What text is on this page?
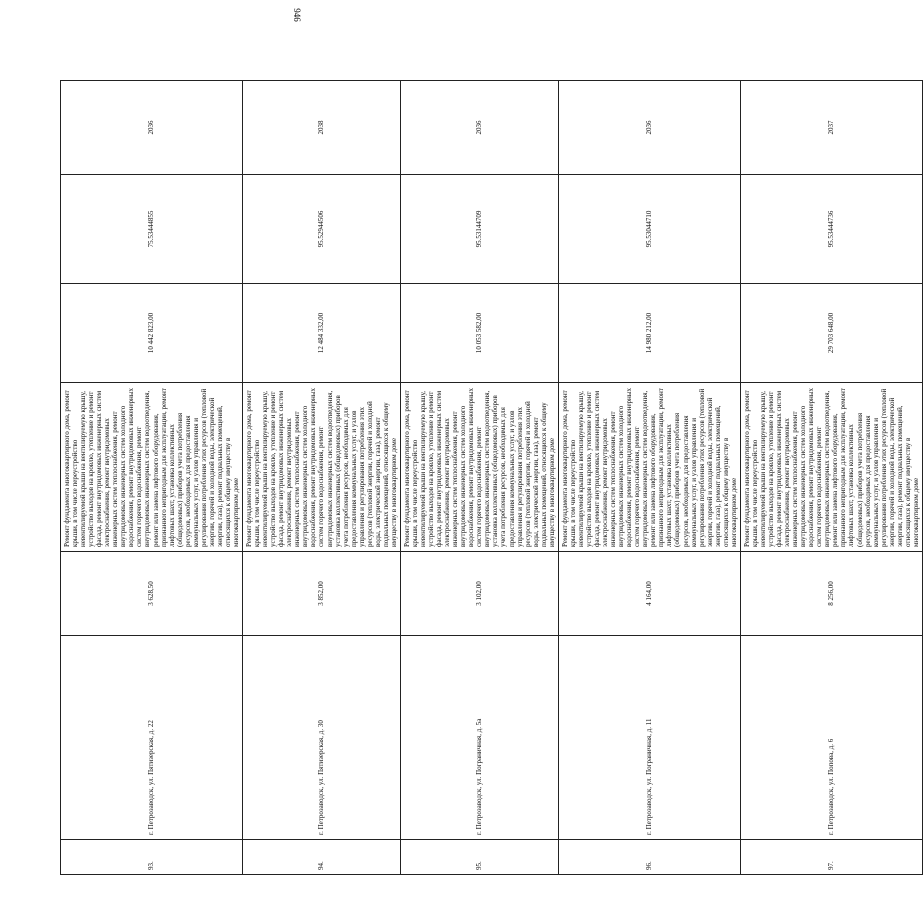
946
93.	г. Петрозаводск, ул. Пятизерская, д. 22	3 628,50	Ремонт фундамента многоквартирного дома, ремонт крыши, в том числе переустройство невентилируемой крыши на вентилируемую крышу, устройство выходов на кровлю, утепление и ремонт фасада, ремонт внутридомовых инженерных систем электроснабжения, ремонт внутридомовых инженерных систем теплоснабжения, ремонт внутридомовых инженерных систем холодного водоснабжения, ремонт внутридомовых инженерных систем горячего водоснабжения, ремонт внутридомовых инженерных систем водоотведения, ремонт или замена лифтового оборудования, признанного непригодным для эксплуатации, ремонт лифтовых шахт, установка коллективных (общедомовых) приборов учета потребления ресурсов, необходимых для предоставления коммунальных услуг, и узлов управления и регулирования потребления этих ресурсов (тепловой энергии, горячей и холодной воды, электрической энергии, газа), ремонт подвальных помещений, относящихся к общему имуществу в многоквартирном доме	10 442 823,00	75.53444855	2036
94.	г. Петрозаводск, ул. Пятизерская, д. 30	3 852,00	Ремонт фундамента многоквартирного дома, ремонт крыши, в том числе переустройство невентилируемой крыши на вентилируемую крышу, устройство выходов на кровлю, утепление и ремонт фасада, ремонт внутридомовых инженерных систем электроснабжения, ремонт внутридомовых инженерных систем теплоснабжения, ремонт внутридомовых инженерных систем холодного водоснабжения, ремонт внутридомовых инженерных систем горячего водоснабжения, ремонт внутридомовых инженерных систем водоотведения, установка коллективных (общедомовых) приборов учета потребления ресурсов, необходимых для предоставления коммунальных услуг, и узлов управления и регулирования потребления этих ресурсов (тепловой энергии, горячей и холодной воды, электрической энергии, газа), ремонт подвальных помещений, относящихся к общему имуществу в многоквартирном доме	12 484 332,00	95.52944506	2038
95.	г. Петрозаводск, ул. Пограничная, д. 5а	3 102,00	Ремонт фундамента многоквартирного дома, ремонт крыши, в том числе переустройство невентилируемой крыши на вентилируемую крышу, устройство выходов на кровлю, утепление и ремонт фасада, ремонт внутридомовых инженерных систем электроснабжения, ремонт внутридомовых инженерных систем теплоснабжения, ремонт внутридомовых инженерных систем холодного водоснабжения, ремонт внутридомовых инженерных систем горячего водоснабжения, ремонт внутридомовых инженерных систем водоотведения, установка коллективных (общедомовых) приборов учета потребления ресурсов, необходимых для предоставления коммунальных услуг, и узлов управления и регулирования потребления этих ресурсов (тепловой энергии, горячей и холодной воды, электрической энергии, газа), ремонт подвальных помещений, относящихся к общему имуществу в многоквартирном доме	10 053 582,00	95.53144709	2036
96.	г. Петрозаводск, ул. Пограничная, д. 11	4 164,00	Ремонт фундамента многоквартирного дома, ремонт крыши, в том числе переустройство невентилируемой крыши на вентилируемую крышу, устройство выходов на кровлю, утепление и ремонт фасада, ремонт внутридомовых инженерных систем электроснабжения, ремонт внутридомовых инженерных систем теплоснабжения, ремонт внутридомовых инженерных систем холодного водоснабжения, ремонт внутридомовых инженерных систем горячего водоснабжения, ремонт внутридомовых инженерных систем водоотведения, ремонт или замена лифтового оборудования, признанного непригодным для эксплуатации, ремонт лифтовых шахт, установка коллективных (общедомовых) приборов учета потребления ресурсов, необходимых для предоставления коммунальных услуг, и узлов управления и регулирования потребления этих ресурсов (тепловой энергии, горячей и холодной воды, электрической энергии, газа), ремонт подвальных помещений, относящихся к общему имуществу в многоквартирном доме	14 980 212,00	95.53044710	2036
97.	г. Петрозаводск, ул. Попова, д. 6	8 256,00	Ремонт фундамента многоквартирного дома, ремонт крыши, в том числе переустройство невентилируемой крыши на вентилируемую крышу, устройство выходов на кровлю, утепление и ремонт фасада, ремонт внутридомовых инженерных систем электроснабжения, ремонт внутридомовых инженерных систем теплоснабжения, ремонт внутридомовых инженерных систем холодного водоснабжения, ремонт внутридомовых инженерных систем горячего водоснабжения, ремонт внутридомовых инженерных систем водоотведения, ремонт или замена лифтового оборудования, признанного непригодным для эксплуатации, ремонт лифтовых шахт, установка коллективных (общедомовых) приборов учета потребления ресурсов, необходимых для предоставления коммунальных услуг, и узлов управления и регулирования потребления этих ресурсов (тепловой энергии, горячей и холодной воды, электрической энергии, газа), ремонт подвальных помещений, относящихся к общему имуществу в многоквартирном доме	29 703 648,00	95.53444736	2037
